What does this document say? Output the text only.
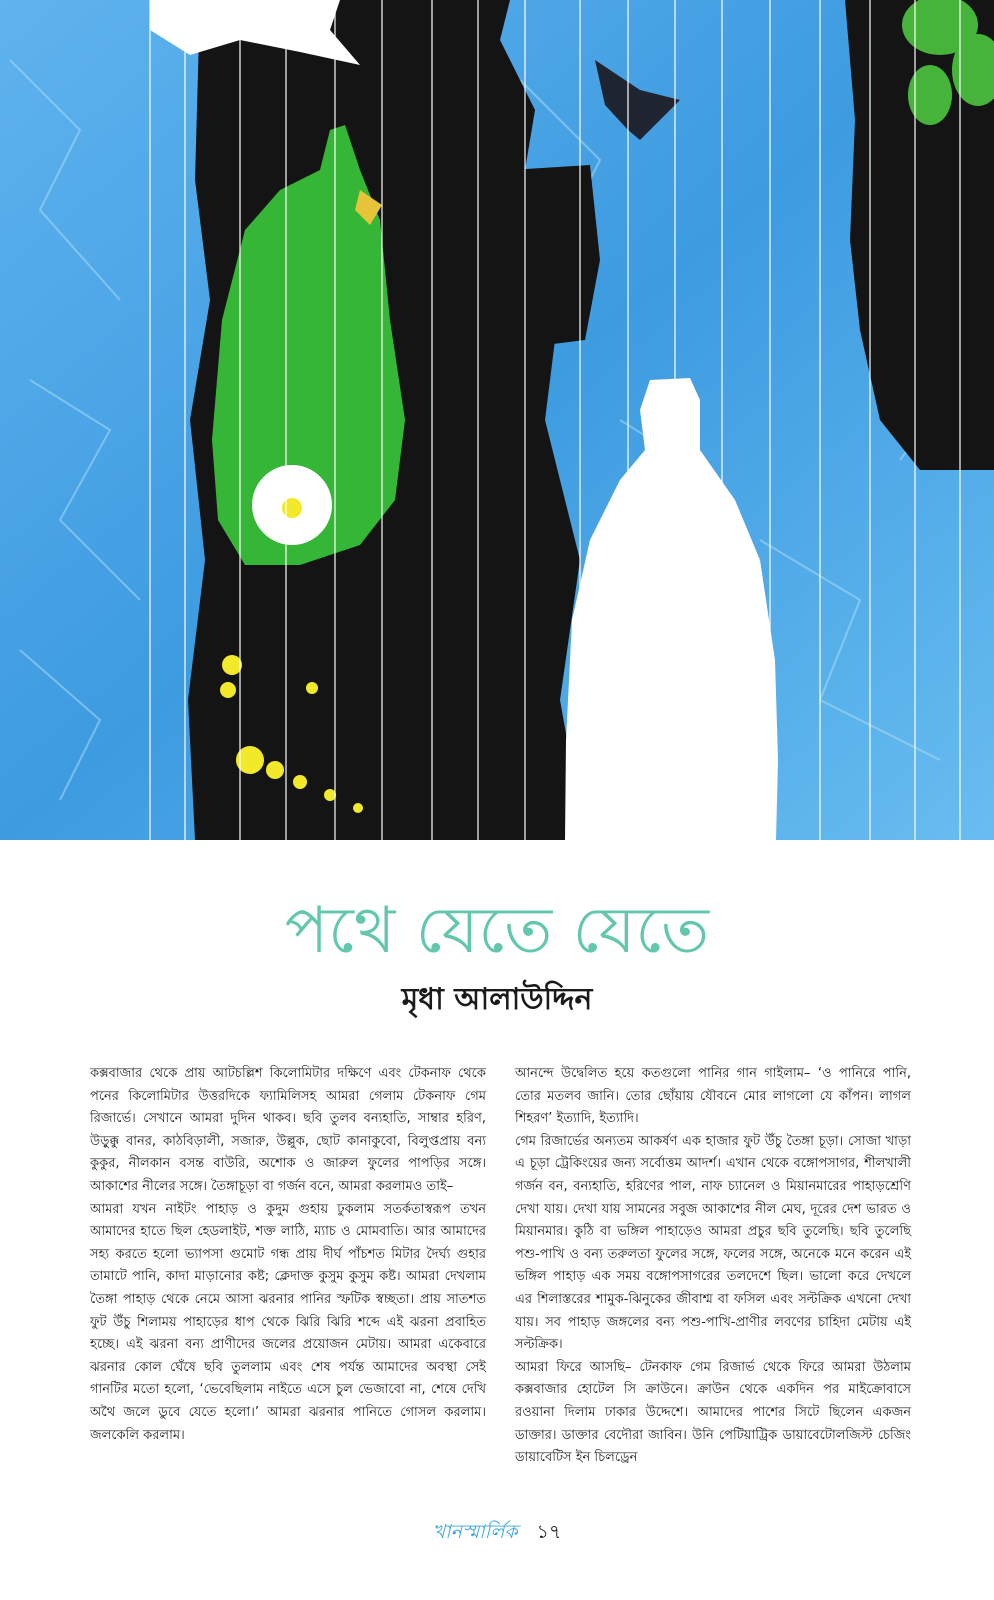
পথে যেতে যেতে
মৃধা আলাউদ্দিন

কক্সবাজার থেকে প্রায় আটচল্লিশ কিলোমিটার দক্ষিণে এবং টেকনাফ থেকে পনের কিলোমিটার উত্তরদিকে ফ্যামিলিসহ আমরা গেলাম টেকনাফ গেম রিজার্ভে। সেখানে আমরা দুদিন থাকব। ছবি তুলব বন্যহাতি, সাম্বার হরিণ, উড়ুক্কু বানর, কাঠবিড়ালী, সজারু, উল্লুক, ছোট কানাকুবো, বিলুপ্তপ্রায় বন্য কুকুর, নীলকান বসন্ত বাউরি, অশোক ও জারুল ফুলের পাপড়ির সঙ্গে। আকাশের নীলের সঙ্গে। তৈঙ্গাচূড়া বা গর্জন বনে, আমরা করলামও তাই–

আমরা যখন নাইটং পাহাড় ও কুদুম গুহায় ঢুকলাম সতর্কতাস্বরূপ তখন আমাদের হাতে ছিল হেডলাইট, শক্ত লাঠি, ম্যাচ ও মোমবাতি। আর আমাদের সহ্য করতে হলো ভ্যাপসা গুমোট গন্ধ প্রায় দীর্ঘ পাঁচশত মিটার দৈর্ঘ্য গুহার তামাটে পানি, কাদা মাড়ানোর কষ্ট; ক্লেদাক্ত কুসুম কুসুম কষ্ট। আমরা দেখলাম তৈঙ্গা পাহাড় থেকে নেমে আসা ঝরনার পানির স্ফটিক স্বচ্ছতা। প্রায় সাতশত ফুট উঁচু শিলাময় পাহাড়ের ধাপ থেকে ঝিরি ঝিরি শব্দে এই ঝরনা প্রবাহিত হচ্ছে। এই ঝরনা বন্য প্রাণীদের জলের প্রয়োজন মেটায়। আমরা একেবারে ঝরনার কোল ঘেঁষে ছবি তুললাম এবং শেষ পর্যন্ত আমাদের অবস্থা সেই গানটির মতো হলো, ‘ভেবেছিলাম নাইতে এসে চুল ভেজাবো না, শেষে দেখি অথৈ জলে ডুবে যেতে হলো।’ আমরা ঝরনার পানিতে গোসল করলাম। জলকেলি করলাম।

আনন্দে উদ্বেলিত হয়ে কতগুলো পানির গান গাইলাম– ‘ও পানিরে পানি, তোর মতলব জানি। তোর ছোঁয়ায় যৌবনে মোর লাগলো যে কাঁপন। লাগল শিহরণ’ ইত্যাদি, ইত্যাদি।

গেম রিজার্ভের অন্যতম আকর্ষণ এক হাজার ফুট উঁচু তৈঙ্গা চূড়া। সোজা খাড়া এ চূড়া ট্রেকিংয়ের জন্য সর্বোত্তম আদর্শ। এখান থেকে বঙ্গোপসাগর, শীলখালী গর্জন বন, বন্যহাতি, হরিণের পাল, নাফ চ্যানেল ও মিয়ানমারের পাহাড়শ্রেণি দেখা যায়। দেখা যায় সামনের সবুজ আকাশের নীল মেঘ, দূরের দেশ ভারত ও মিয়ানমার। কুঠি বা ভঙ্গিল পাহাড়েও আমরা প্রচুর ছবি তুলেছি। ছবি তুলেছি পশু-পাখি ও বন্য তরুলতা ফুলের সঙ্গে, ফলের সঙ্গে, অনেকে মনে করেন এই ভঙ্গিল পাহাড় এক সময় বঙ্গোপসাগরের তলদেশে ছিল। ভালো করে দেখলে এর শিলাস্তরের শামুক-ঝিনুকের জীবাশ্ম বা ফসিল এবং সল্টক্রিক এখনো দেখা যায়। সব পাহাড় জঙ্গলের বন্য পশু-পাখি-প্রাণীর লবণের চাহিদা মেটায় এই সল্টক্রিক।

আমরা ফিরে আসছি– টেনকাফ গেম রিজার্ভ থেকে ফিরে আমরা উঠলাম কক্সবাজার হোটেল সি ক্রাউনে। ক্রাউন থেকে একদিন পর মাইক্রোবাসে রওয়ানা দিলাম ঢাকার উদ্দেশে। আমাদের পাশের সিটে ছিলেন একজন ডাক্তার। ডাক্তার বেদৌরা জাবিন। উনি পেটিয়াট্রিক ডায়াবেটোলজিস্ট চেজিং ডায়াবেটিস ইন চিলড্রেন

খানস্মার্লিক ১৭
